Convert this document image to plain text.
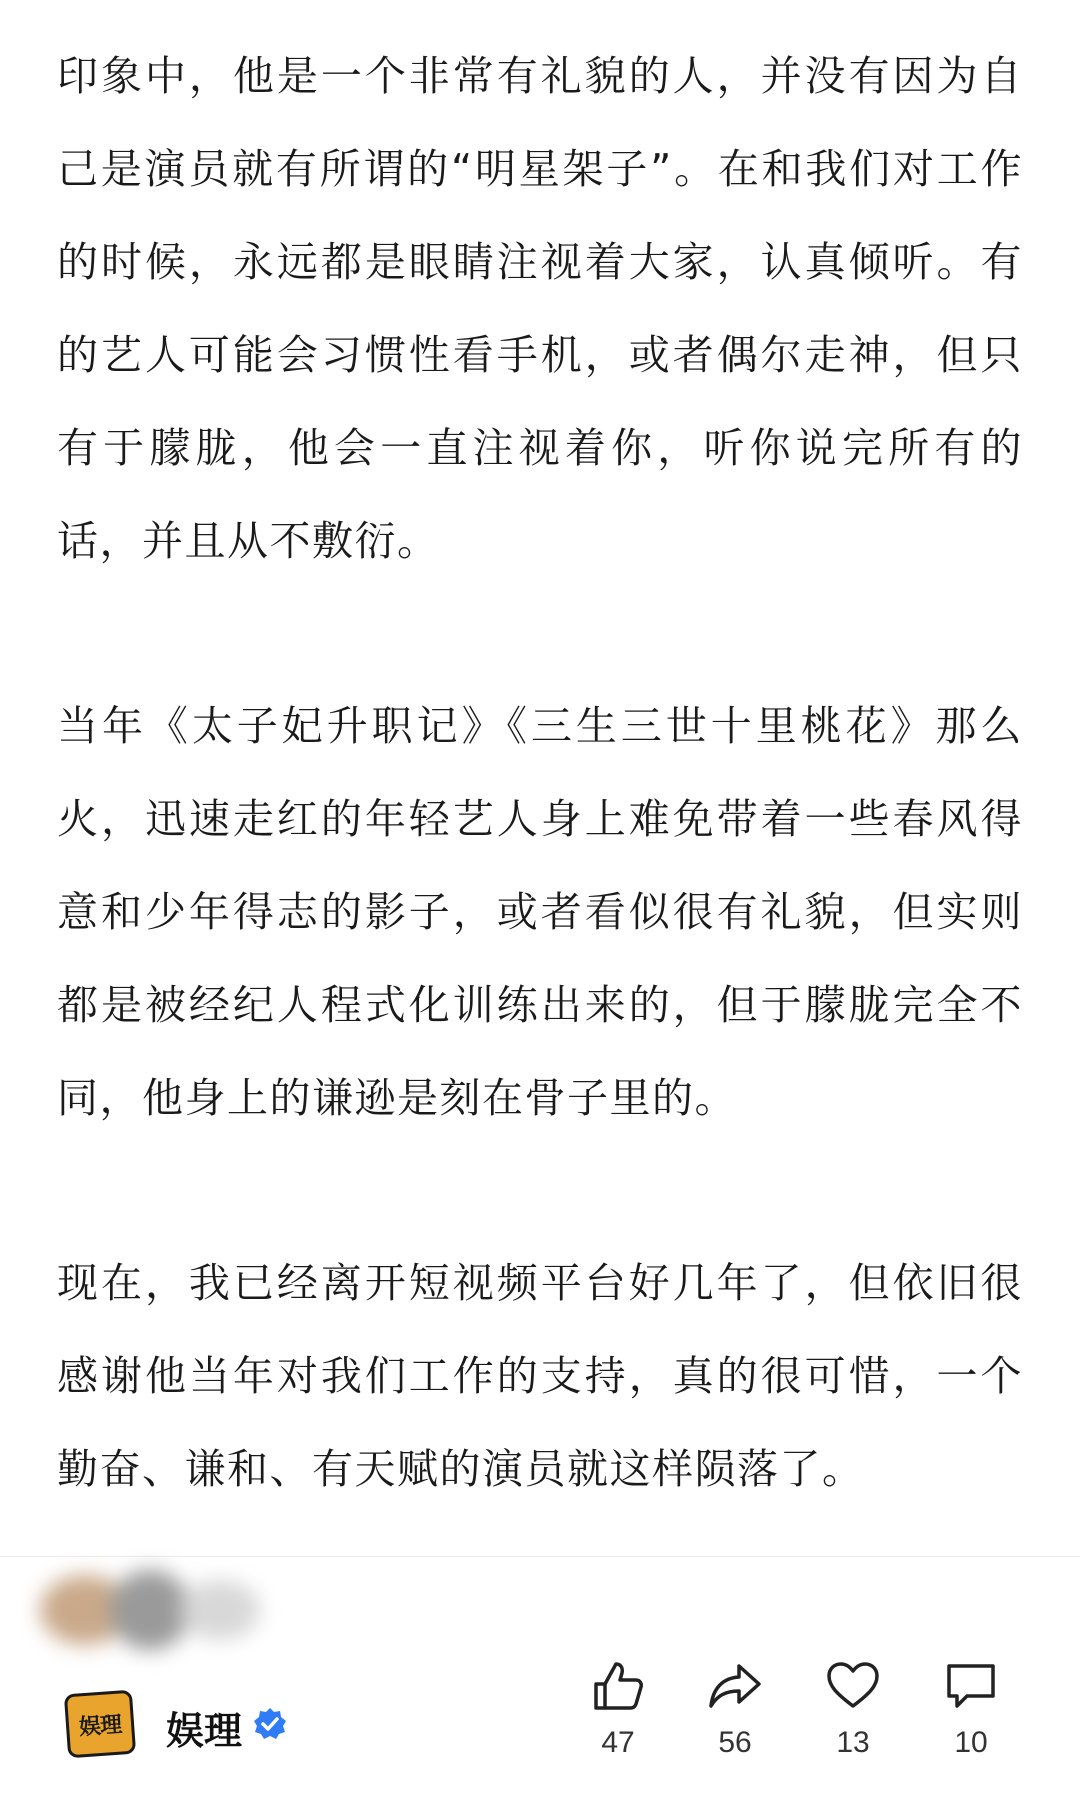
印象中，他是一个非常有礼貌的人，并没有因为自己是演员就有所谓的“明星架子”。在和我们对工作的时候，永远都是眼睛注视着大家，认真倾听。有的艺人可能会习惯性看手机，或者偶尔走神，但只有于朦胧，他会一直注视着你，听你说完所有的话，并且从不敷衍。

当年《太子妃升职记》《三生三世十里桃花》那么火，迅速走红的年轻艺人身上难免带着一些春风得意和少年得志的影子，或者看似很有礼貌，但实则都是被经纪人程式化训练出来的，但于朦胧完全不同，他身上的谦逊是刻在骨子里的。

现在，我已经离开短视频平台好几年了，但依旧很感谢他当年对我们工作的支持，真的很可惜，一个勤奋、谦和、有天赋的演员就这样陨落了。

娱理 娱理	47	56	13	10
